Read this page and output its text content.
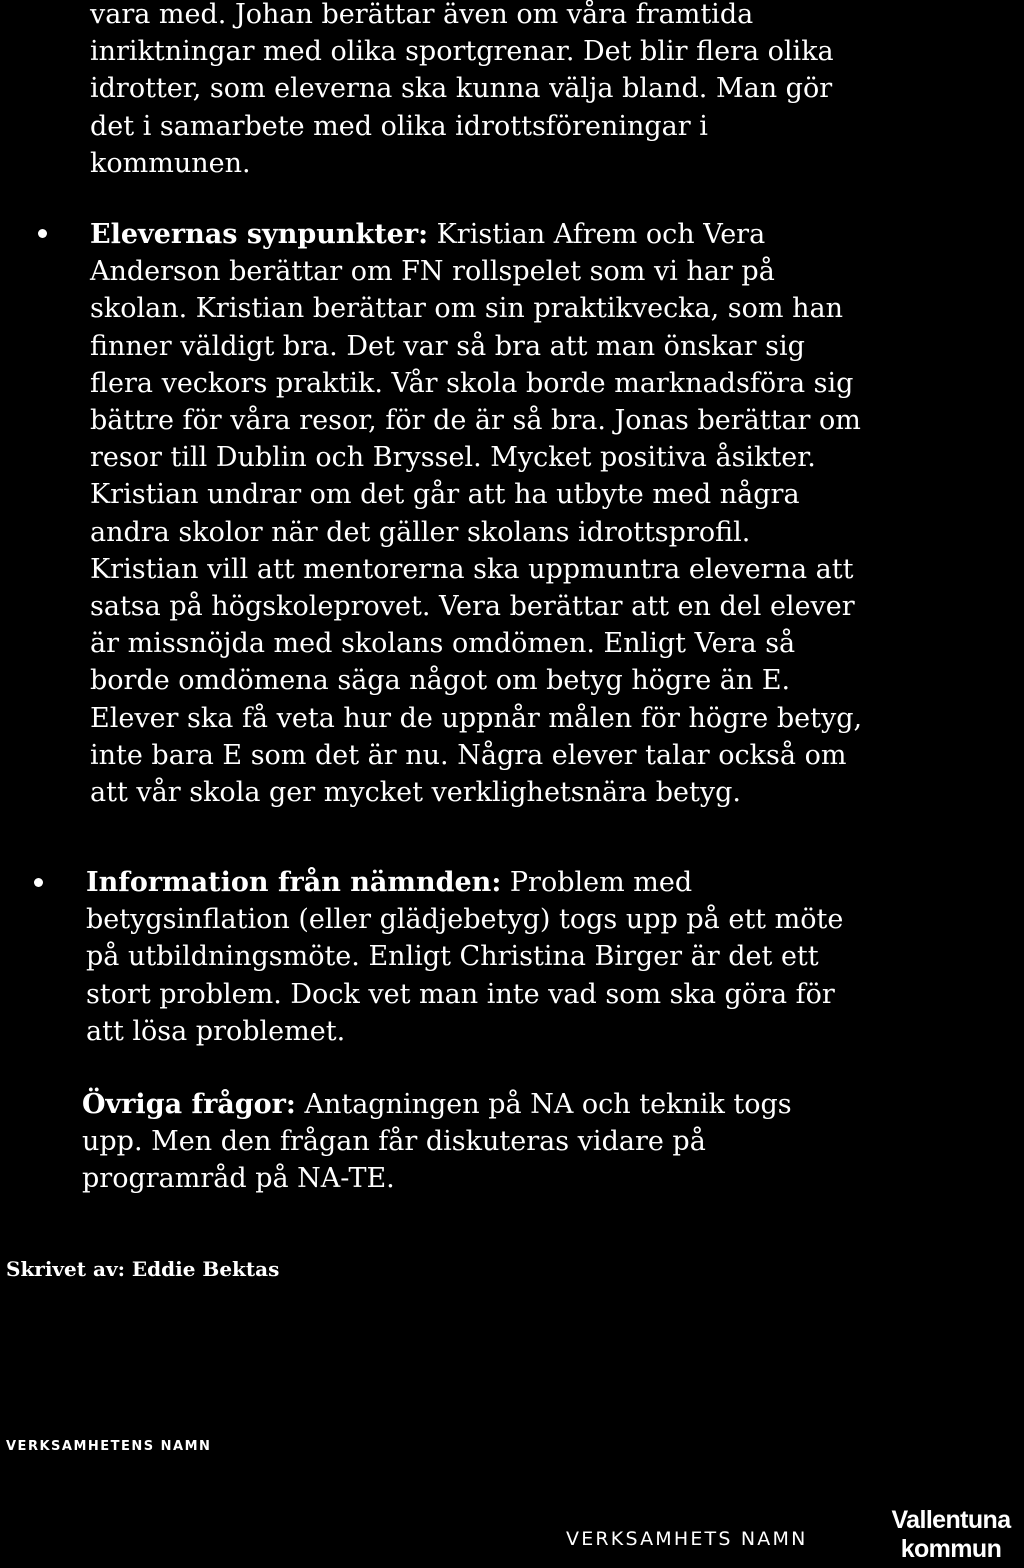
vara med. Johan berättar även om våra framtida
inriktningar med olika sportgrenar. Det blir flera olika
idrotter, som eleverna ska kunna välja bland. Man gör
det i samarbete med olika idrottsföreningar i
kommunen.

Elevernas synpunkter: Kristian Afrem och Vera
Anderson berättar om FN rollspelet som vi har på
skolan. Kristian berättar om sin praktikvecka, som han
finner väldigt bra. Det var så bra att man önskar sig
flera veckors praktik. Vår skola borde marknadsföra sig
bättre för våra resor, för de är så bra. Jonas berättar om
resor till Dublin och Bryssel. Mycket positiva åsikter.
Kristian undrar om det går att ha utbyte med några
andra skolor när det gäller skolans idrottsprofil.
Kristian vill att mentorerna ska uppmuntra eleverna att
satsa på högskoleprovet. Vera berättar att en del elever
är missnöjda med skolans omdömen. Enligt Vera så
borde omdömena säga något om betyg högre än E.
Elever ska få veta hur de uppnår målen för högre betyg,
inte bara E som det är nu. Några elever talar också om
att vår skola ger mycket verklighetsnära betyg.

Information från nämnden: Problem med
betygsinflation (eller glädjebetyg) togs upp på ett möte
på utbildningsmöte. Enligt Christina Birger är det ett
stort problem. Dock vet man inte vad som ska göra för
att lösa problemet.

Övriga frågor: Antagningen på NA och teknik togs
upp. Men den frågan får diskuteras vidare på
programråd på NA-TE.

Skrivet av: Eddie Bektas

VERKSAMHETENS NAMN

VERKSAMHETS NAMN

Vallentuna
kommun
